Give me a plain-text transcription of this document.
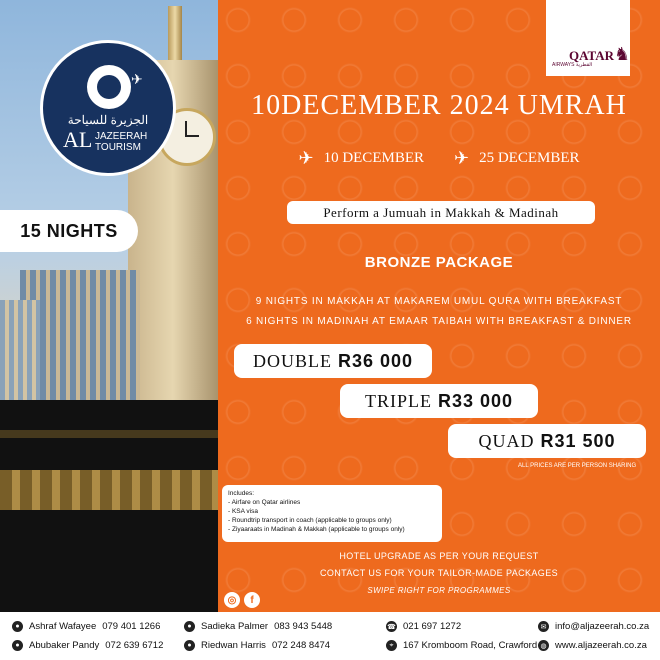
✈
الجزيرة للسياحة
AL JAZEERAH
TOURISM
15 NIGHTS
QATAR ♞
AIRWAYS القطرية
10DECEMBER 2024 UMRAH
✈ 10 DECEMBER ✈ 25 DECEMBER
Perform a Jumuah in Makkah & Madinah
BRONZE PACKAGE
9 NIGHTS IN MAKKAH AT MAKAREM UMUL QURA WITH BREAKFAST
6 NIGHTS IN MADINAH AT EMAAR TAIBAH WITH BREAKFAST & DINNER
DOUBLE R36 000
TRIPLE R33 000
QUAD R31 500
ALL PRICES ARE PER PERSON SHARING
Includes:
- Airfare on Qatar airlines
- KSA visa
- Roundtrip transport in coach (applicable to groups only)
- Ziyaaraats in Madinah & Makkah (applicable to groups only)
HOTEL UPGRADE AS PER YOUR REQUEST
CONTACT US FOR YOUR TAILOR-MADE PACKAGES
SWIPE RIGHT FOR PROGRAMMES
◎	f
● Ashraf Wafayee 079 401 1266
● Abubaker Pandy 072 639 6712
● Sadieka Palmer 083 943 5448
● Riedwan Harris 072 248 8474
☎ 021 697 1272
⌖	167 Kromboom Road, Crawford
✉ info@aljazeerah.co.za
◍ www.aljazeerah.co.za
